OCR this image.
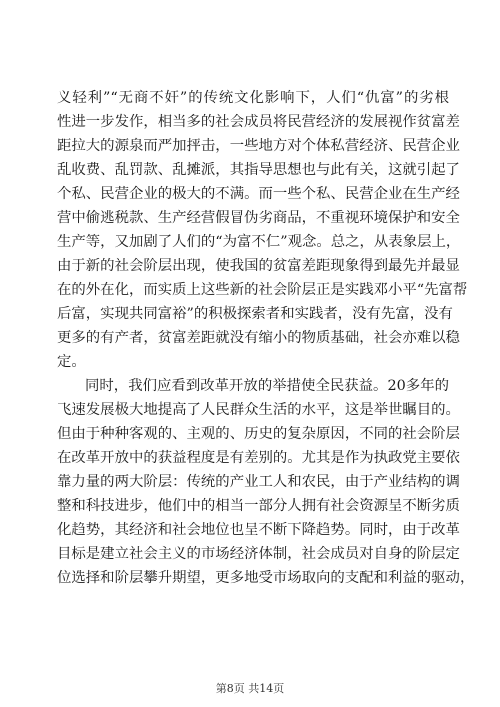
义轻利”“无商不奸”的传统文化影响下，人们“仇富”的劣根
性进一步发作，相当多的社会成员将民营经济的发展视作贫富差
距拉大的源泉而严加抨击，一些地方对个体私营经济、民营企业
乱收费、乱罚款、乱摊派，其指导思想也与此有关，这就引起了
个私、民营企业的极大的不满。而一些个私、民营企业在生产经
营中偷逃税款、生产经营假冒伪劣商品，不重视环境保护和安全
生产等，又加剧了人们的“为富不仁”观念。总之，从表象层上，
由于新的社会阶层出现，使我国的贫富差距现象得到最先并最显
在的外在化，而实质上这些新的社会阶层正是实践邓小平“先富帮
后富，实现共同富裕”的积极探索者和实践者，没有先富，没有
更多的有产者，贫富差距就没有缩小的物质基础，社会亦难以稳
定。
同时，我们应看到改革开放的举措使全民获益。20多年的
飞速发展极大地提高了人民群众生活的水平，这是举世瞩目的。
但由于种种客观的、主观的、历史的复杂原因，不同的社会阶层
在改革开放中的获益程度是有差别的。尤其是作为执政党主要依
靠力量的两大阶层：传统的产业工人和农民，由于产业结构的调
整和科技进步，他们中的相当一部分人拥有社会资源呈不断劣质
化趋势，其经济和社会地位也呈不断下降趋势。同时，由于改革
目标是建立社会主义的市场经济体制，社会成员对自身的阶层定
位选择和阶层攀升期望，更多地受市场取向的支配和利益的驱动，
第8页 共14页
